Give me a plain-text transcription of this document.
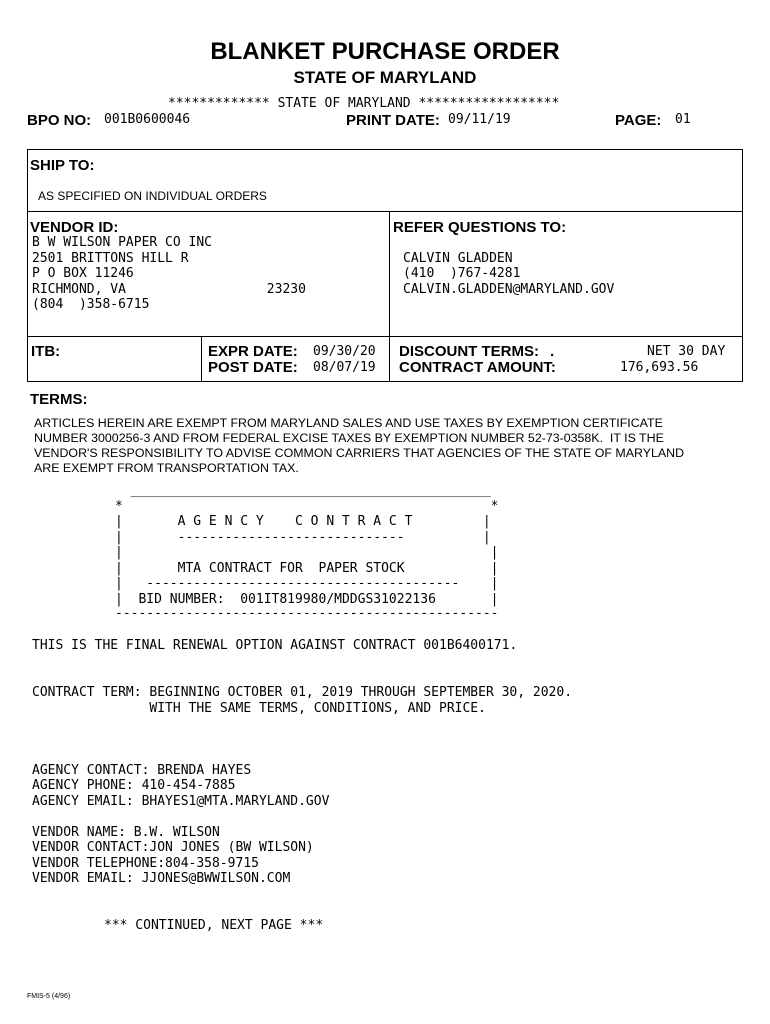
BLANKET PURCHASE ORDER
STATE OF MARYLAND
************* STATE OF MARYLAND ******************
BPO NO: 001B0600046	PRINT DATE: 09/11/19	PAGE: 01
SHIP TO:
AS SPECIFIED ON INDIVIDUAL ORDERS
VENDOR ID:
B W WILSON PAPER CO INC
2501 BRITTONS HILL R
P O BOX 11246
RICHMOND, VA                  23230
(804  )358-6715
REFER QUESTIONS TO:
CALVIN GLADDEN
(410  )767-4281
CALVIN.GLADDEN@MARYLAND.GOV
ITB:	EXPR DATE: 09/30/20
POST DATE: 08/07/19
DISCOUNT TERMS: .	NET 30 DAY
CONTRACT AMOUNT:	176,693.56
TERMS:
ARTICLES HEREIN ARE EXEMPT FROM MARYLAND SALES AND USE TAXES BY EXEMPTION CERTIFICATE
NUMBER 3000256-3 AND FROM FEDERAL EXCISE TAXES BY EXEMPTION NUMBER 52-73-0358K.  IT IS THE
VENDOR'S RESPONSIBILITY TO ADVISE COMMON CARRIERS THAT AGENCIES OF THE STATE OF MARYLAND
ARE EXEMPT FROM TRANSPORTATION TAX.
______________________________________________
*                                               *
|       A G E N C Y    C O N T R A C T         |
|       -----------------------------          |
|                                               |
|       MTA CONTRACT FOR  PAPER STOCK           |
|   ----------------------------------------    |
|  BID NUMBER:  001IT819980/MDDGS31022136       |
-------------------------------------------------
THIS IS THE FINAL RENEWAL OPTION AGAINST CONTRACT 001B6400171.
CONTRACT TERM: BEGINNING OCTOBER 01, 2019 THROUGH SEPTEMBER 30, 2020.
WITH THE SAME TERMS, CONDITIONS, AND PRICE.
AGENCY CONTACT: BRENDA HAYES
AGENCY PHONE: 410-454-7885
AGENCY EMAIL: BHAYES1@MTA.MARYLAND.GOV
VENDOR NAME: B.W. WILSON
VENDOR CONTACT:JON JONES (BW WILSON)
VENDOR TELEPHONE:804-358-9715
VENDOR EMAIL: JJONES@BWWILSON.COM
*** CONTINUED, NEXT PAGE ***
FMIS-5 (4/96)
